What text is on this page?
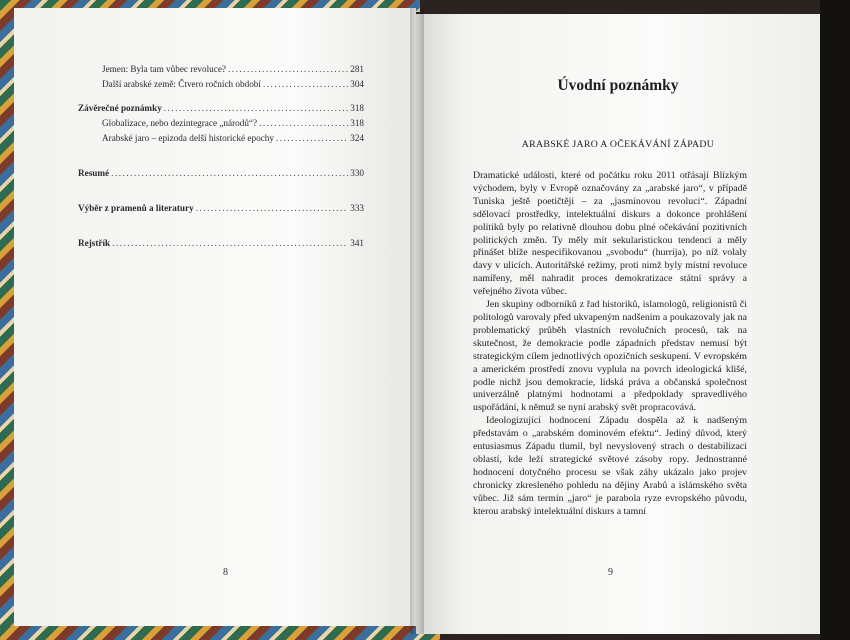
Jemen: Byla tam vůbec revoluce? .....	281
Další arabské země: Čtvero ročních období .....	304
Závěrečné poznámky .....	318
Globalizace, nebo dezintegrace „národů“? .....	318
Arabské jaro – epizoda delší historické epochy .....	324
Resumé .....	330
Výběr z pramenů a literatury .....	333
Rejstřík .....	341
8
Úvodní poznámky
ARABSKÉ JARO A OČEKÁVÁNÍ ZÁPADU

Dramatické události, které od počátku roku 2011 otřásají Blízkým východem, byly v Evropě označovány za „arabské jaro“, v případě Tuniska ještě poetičtěji – za „jasmínovou revoluci“. Západní sdělovací prostředky, intelektuální diskurs a dokonce prohlášení politiků byly po relativně dlouhou dobu plné očekávání pozitivních politických změn. Ty měly mít sekularistickou tendenci a měly přinášet blíže nespecifikovanou „svobodu“ (hurríja), po níž volaly davy v ulicích. Autoritářské režimy, proti nimž byly místní revoluce namířeny, měl nahradit proces demokratizace státní správy a veřejného života vůbec.

Jen skupiny odborníků z řad historiků, islamologů, religionistů či politologů varovaly před ukvapeným nadšením a poukazovaly jak na problematický průběh vlastních revolučních procesů, tak na skutečnost, že demokracie podle západních představ nemusí být strategickým cílem jednotlivých opozičních seskupení. V evropském a americkém prostředí znovu vyplula na povrch ideologická klišé, podle nichž jsou demokracie, lidská práva a občanská společnost univerzálně platnými hodnotami a předpoklady spravedlivého uspořádání, k němuž se nyní arabský svět propracovává.

Ideologizující hodnocení Západu dospěla až k nadšeným představám o „arabském dominovém efektu“. Jediný důvod, který entusiasmus Západu tlumil, byl nevyslovený strach o destabilizaci oblastí, kde leží strategické světové zásoby ropy. Jednostranné hodnocení dotyčného procesu se však záhy ukázalo jako projev chronicky zkresleného pohledu na dějiny Arabů a islámského světa vůbec. Již sám termín „jaro“ je parabola ryze evropského původu, kterou arabský intelektuální diskurs a tamní

9
